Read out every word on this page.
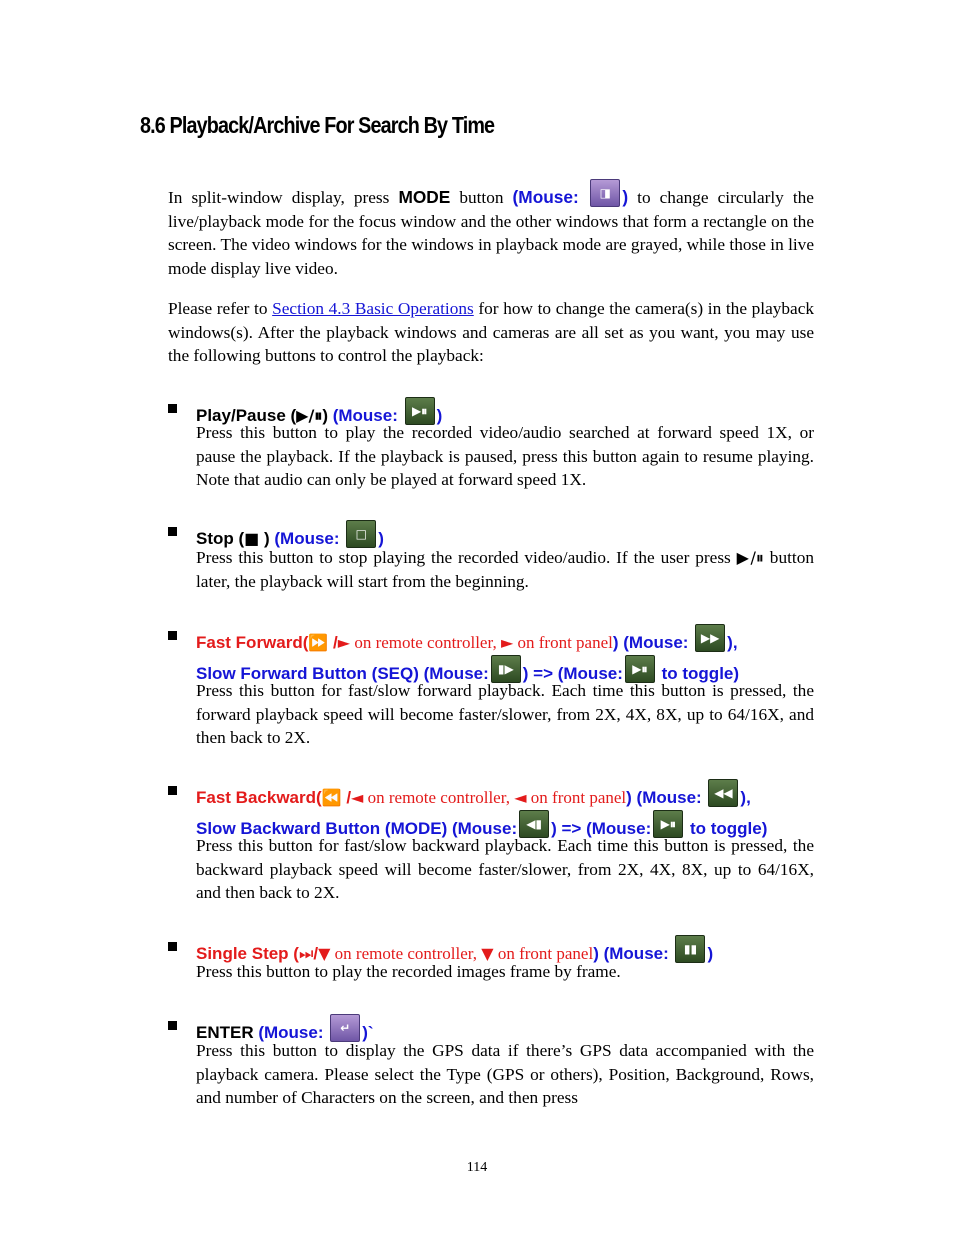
8.6 Playback/Archive For Search By Time
In split-window display, press MODE button (Mouse: ◨ ) to change circularly the live/playback mode for the focus window and the other windows that form a rectangle on the screen. The video windows for the windows in playback mode are grayed, while those in live mode display live video.
Please refer to Section 4.3 Basic Operations for how to change the camera(s) in the playback windows(s). After the playback windows and cameras are all set as you want, you may use the following buttons to control the playback:
Play/Pause (▶/⏸) (Mouse: ▶⏸ )
Press this button to play the recorded video/audio searched at forward speed 1X, or pause the playback. If the playback is paused, press this button again to resume playing. Note that audio can only be played at forward speed 1X.
Stop (■ ) (Mouse: □ )
Press this button to stop playing the recorded video/audio. If the user press ▶/⏸ button later, the playback will start from the beginning.
Fast Forward(⏩ /► on remote controller, ► on front panel) (Mouse: ▶▶ ),
Slow Forward Button (SEQ) (Mouse: ▮▶ ) => (Mouse: ▶⏸ to toggle)
Press this button for fast/slow forward playback. Each time this button is pressed, the forward playback speed will become faster/slower, from 2X, 4X, 8X, up to 64/16X, and then back to 2X.
Fast Backward(⏪ /◄ on remote controller, ◄ on front panel) (Mouse: ◀◀ ),
Slow Backward Button (MODE) (Mouse: ◀▮ ) => (Mouse: ▶⏸ to toggle)
Press this button for fast/slow backward playback. Each time this button is pressed, the backward playback speed will become faster/slower, from 2X, 4X, 8X, up to 64/16X, and then back to 2X.
Single Step (⏭/▼ on remote controller, ▼ on front panel) (Mouse: ▮▮ )
Press this button to play the recorded images frame by frame.
ENTER (Mouse: ↵ )`
Press this button to display the GPS data if there’s GPS data accompanied with the playback camera. Please select the Type (GPS or others), Position, Background, Rows, and number of Characters on the screen, and then press
114
